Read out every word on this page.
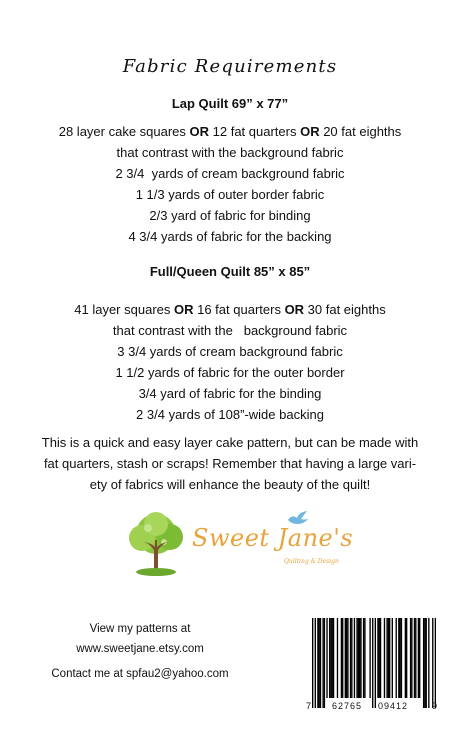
Fabric Requirements
Lap Quilt 69” x 77”
28 layer cake squares OR 12 fat quarters OR 20 fat eighths
that contrast with the background fabric
2 3/4  yards of cream background fabric
1 1/3 yards of outer border fabric
2/3 yard of fabric for binding
4 3/4 yards of fabric for the backing
Full/Queen Quilt 85” x 85”
41 layer squares OR 16 fat quarters OR 30 fat eighths
that contrast with the   background fabric
3 3/4 yards of cream background fabric
1 1/2 yards of fabric for the outer border
3/4 yard of fabric for the binding
2 3/4 yards of 108”-wide backing
This is a quick and easy layer cake pattern, but can be made with
fat quarters, stash or scraps! Remember that having a large vari-
ety of fabrics will enhance the beauty of the quilt!
Sweet Jane's
Quilting & Design
View my patterns at
www.sweetjane.etsy.com
Contact me at spfau2@yahoo.com
7 62765 09412	9
